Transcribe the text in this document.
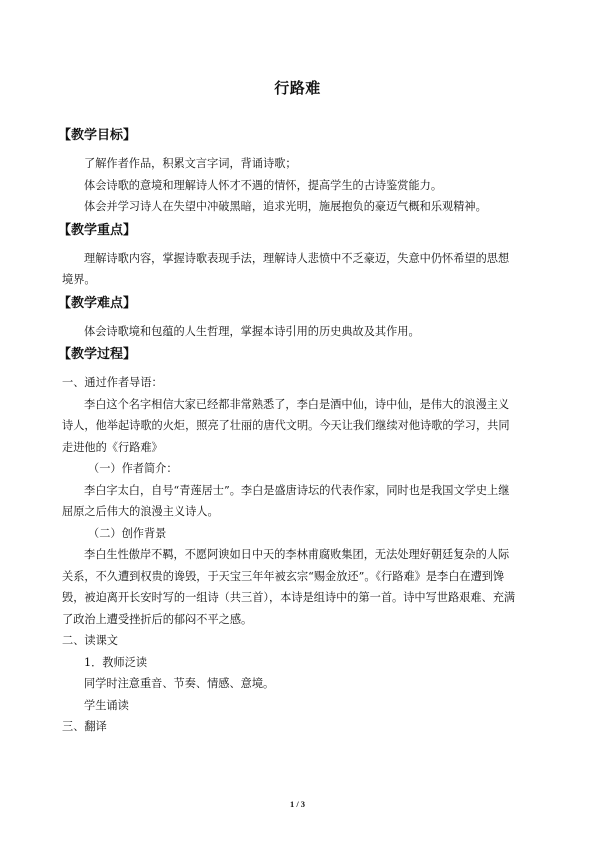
行路难
【教学目标】

了解作者作品，积累文言字词，背诵诗歌；

体会诗歌的意境和理解诗人怀才不遇的情怀，提高学生的古诗鉴赏能力。

体会并学习诗人在失望中冲破黑暗，追求光明，施展抱负的豪迈气概和乐观精神。

【教学重点】

理解诗歌内容，掌握诗歌表现手法，理解诗人悲愤中不乏豪迈，失意中仍怀希望的思想

境界。

【教学难点】

体会诗歌境和包蕴的人生哲理，掌握本诗引用的历史典故及其作用。

【教学过程】

一、通过作者导语：

李白这个名字相信大家已经都非常熟悉了，李白是酒中仙，诗中仙，是伟大的浪漫主义

诗人，他举起诗歌的火炬，照亮了壮丽的唐代文明。今天让我们继续对他诗歌的学习，共同

走进他的《行路难》

（一）作者简介：

李白字太白，自号“青莲居士”。李白是盛唐诗坛的代表作家，同时也是我国文学史上继

屈原之后伟大的浪漫主义诗人。

（二）创作背景

李白生性傲岸不羁，不愿阿谀如日中天的李林甫腐败集团，无法处理好朝廷复杂的人际

关系，不久遭到权贵的谗毁，于天宝三年年被玄宗“赐金放还”。《行路难》是李白在遭到馋

毁，被迫离开长安时写的一组诗（共三首），本诗是组诗中的第一首。诗中写世路艰难、充满

了政治上遭受挫折后的郁闷不平之感。

二、读课文

1．教师泛读

同学时注意重音、节奏、情感、意境。

学生诵读

三、翻译

1 / 3
